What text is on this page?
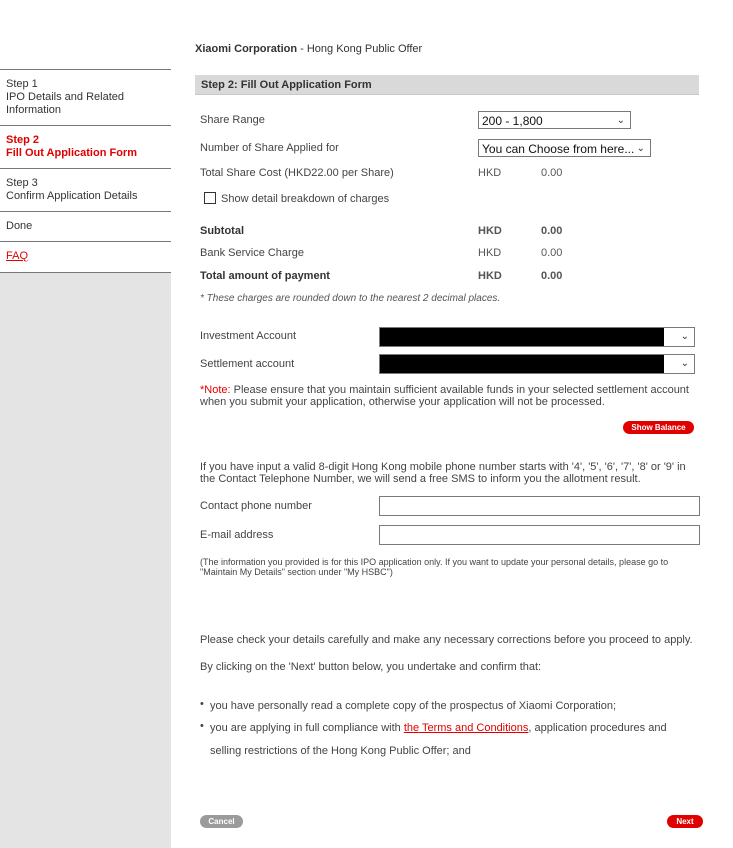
Step 1
IPO Details and Related
Information
Step 2
Fill Out Application Form
Step 3
Confirm Application Details
Done
FAQ
Xiaomi Corporation - Hong Kong Public Offer
Step 2: Fill Out Application Form
Share Range	200 - 1,800	⌄
Number of Share Applied for	You can Choose from here... ⌄
Total Share Cost (HKD22.00 per Share)	HKD	0.00
Show detail breakdown of charges
Subtotal	HKD	0.00
Bank Service Charge	HKD	0.00
Total amount of payment	HKD	0.00
* These charges are rounded down to the nearest 2 decimal places.
Investment Account	⌄
Settlement account	⌄
*Note: Please ensure that you maintain sufficient available funds in your selected settlement account when you submit your application, otherwise your application will not be processed.
Show Balance
If you have input a valid 8-digit Hong Kong mobile phone number starts with '4', '5', '6', '7', '8' or '9' in the Contact Telephone Number, we will send a free SMS to inform you the allotment result.
Contact phone number
E-mail address
(The information you provided is for this IPO application only. If you want to update your personal details, please go to "Maintain My Details" section under "My HSBC")
Please check your details carefully and make any necessary corrections before you proceed to apply.
By clicking on the 'Next' button below, you undertake and confirm that:
• you have personally read a complete copy of the prospectus of Xiaomi Corporation;
• you are applying in full compliance with the Terms and Conditions, application procedures and
selling restrictions of the Hong Kong Public Offer; and
Cancel	Next
